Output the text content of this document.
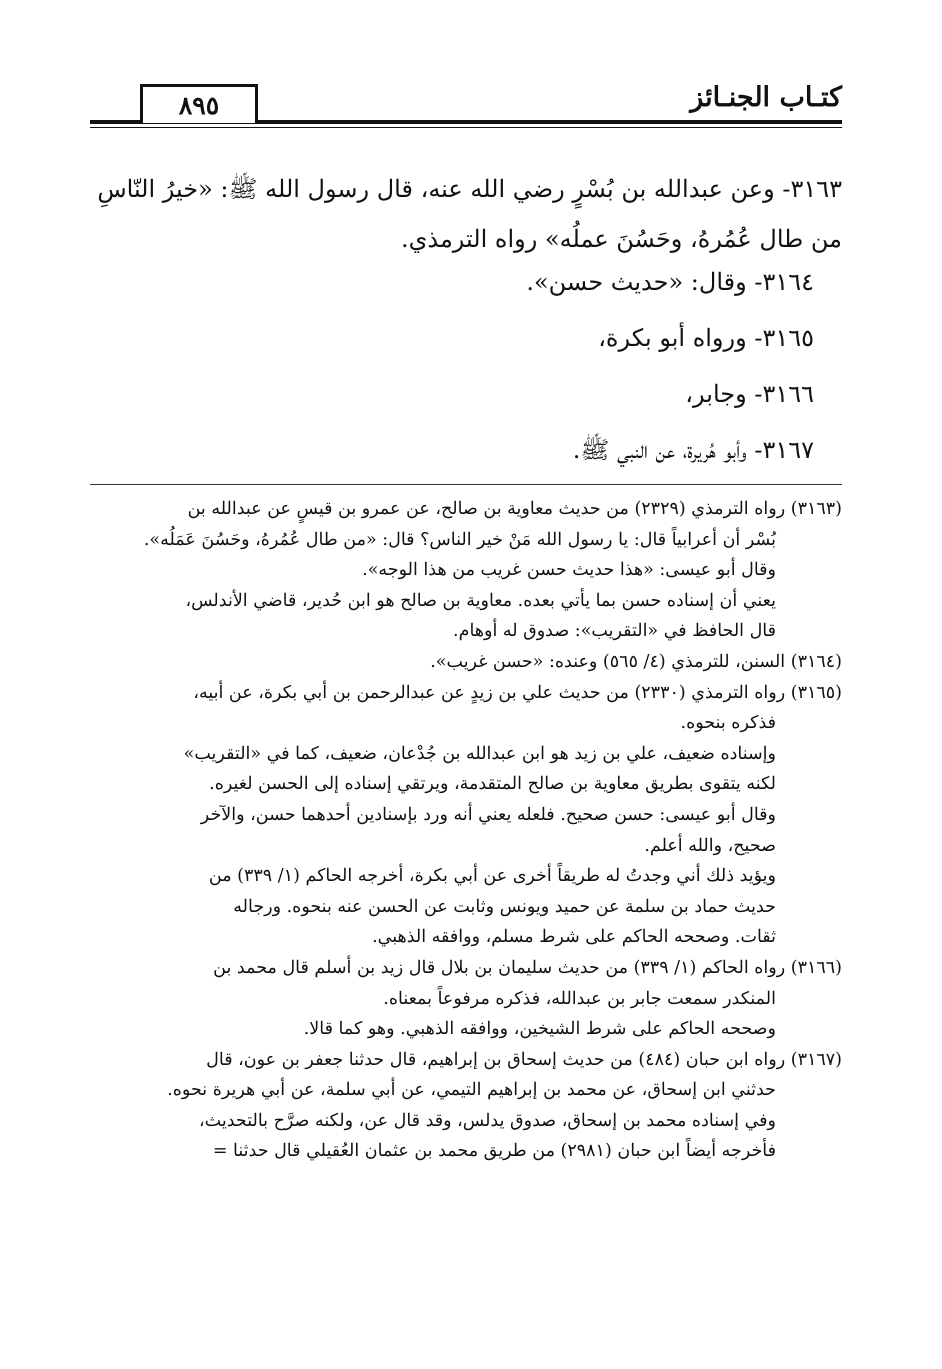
٨٩٥	كتـاب الجنـائز
٣١٦٣- وعن عبدالله بن بُسْرٍ رضي الله عنه، قال رسول الله ﷺ: «خيرُ النّاسِ
من طال عُمُرهُ، وحَسُنَ عملُه» رواه الترمذي.
٣١٦٤- وقال: «حديث حسن».
٣١٦٥- ورواه أبو بكرة،
٣١٦٦- وجابر،
٣١٦٧- وأبو هُريرة، عن النبي ﷺ.
(٣١٦٣) رواه الترمذي (٢٣٢٩) من حديث معاوية بن صالح، عن عمرو بن قيسٍ عن عبدالله بن
بُسْر أن أعرابياً قال: يا رسول الله مَنْ خير الناس؟ قال: «من طال عُمُرهُ، وحَسُنَ عَمَلُه».
وقال أبو عيسى: «هذا حديث حسن غريب من هذا الوجه».
يعني أن إسناده حسن بما يأتي بعده. معاوية بن صالح هو ابن حُدير، قاضي الأندلس،
قال الحافظ في «التقريب»: صدوق له أوهام.
(٣١٦٤) السنن، للترمذي (٤/ ٥٦٥) وعنده: «حسن غريب».
(٣١٦٥) رواه الترمذي (٢٣٣٠) من حديث علي بن زيدٍ عن عبدالرحمن بن أبي بكرة، عن أبيه،
فذكره بنحوه.
وإسناده ضعيف، علي بن زيد هو ابن عبدالله بن جُدْعان، ضعيف، كما في «التقريب»
لكنه يتقوى بطريق معاوية بن صالح المتقدمة، ويرتقي إسناده إلى الحسن لغيره.
وقال أبو عيسى: حسن صحيح. فلعله يعني أنه ورد بإسنادين أحدهما حسن، والآخر
صحيح، والله أعلم.
ويؤيد ذلك أني وجدتُ له طريقاً أخرى عن أبي بكرة، أخرجه الحاكم (١/ ٣٣٩) من
حديث حماد بن سلمة عن حميد ويونس وثابت عن الحسن عنه بنحوه. ورجاله
ثقات. وصححه الحاكم على شرط مسلم، ووافقه الذهبي.
(٣١٦٦) رواه الحاكم (١/ ٣٣٩) من حديث سليمان بن بلال قال زيد بن أسلم قال محمد بن
المنكدر سمعت جابر بن عبدالله، فذكره مرفوعاً بمعناه.
وصححه الحاكم على شرط الشيخين، ووافقه الذهبي. وهو كما قالا.
(٣١٦٧) رواه ابن حبان (٤٨٤) من حديث إسحاق بن إبراهيم، قال حدثنا جعفر بن عون، قال
حدثني ابن إسحاق، عن محمد بن إبراهيم التيمي، عن أبي سلمة، عن أبي هريرة نحوه.
وفي إسناده محمد بن إسحاق، صدوق يدلس، وقد قال عن، ولكنه صرَّح بالتحديث،
فأخرجه أيضاً ابن حبان (٢٩٨١) من طريق محمد بن عثمان العُقيلي قال حدثنا =
